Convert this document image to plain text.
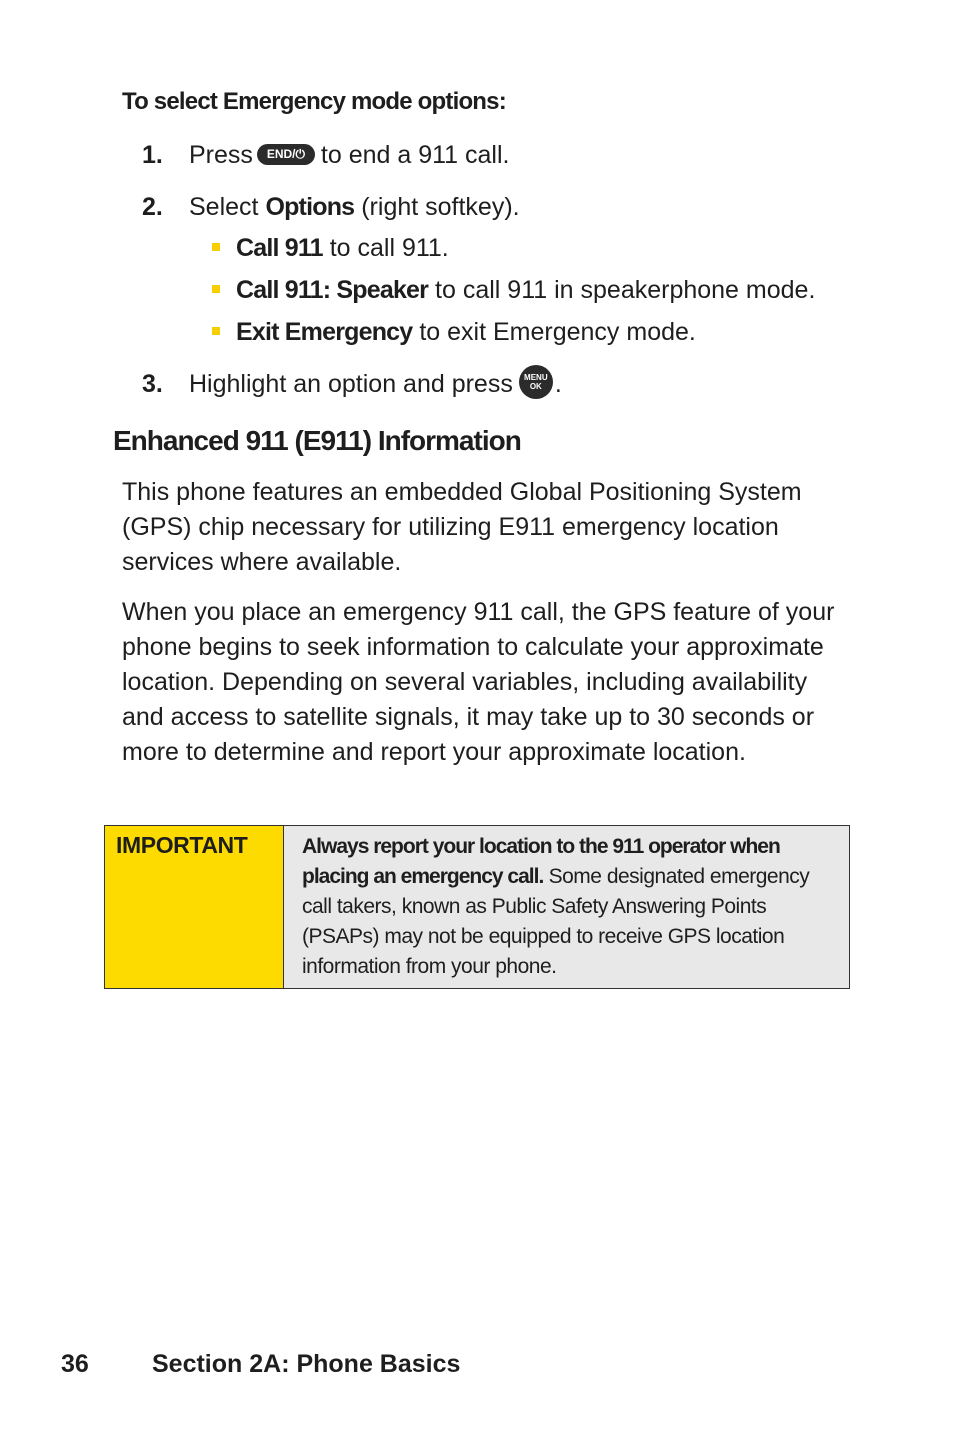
To select Emergency mode options:
1. Press END/⏻ to end a 911 call.
2. Select Options (right softkey).
Call 911 to call 911.
Call 911: Speaker to call 911 in speakerphone mode.
Exit Emergency to exit Emergency mode.
3. Highlight an option and press MENU
OK .
Enhanced 911 (E911) Information
This phone features an embedded Global Positioning System (GPS) chip necessary for utilizing E911 emergency location services where available.
When you place an emergency 911 call, the GPS feature of your phone begins to seek information to calculate your approximate location. Depending on several variables, including availability and access to satellite signals, it may take up to 30 seconds or more to determine and report your approximate location.
IMPORTANT	Always report your location to the 911 operator when placing an emergency call. Some designated emergency call takers, known as Public Safety Answering Points (PSAPs) may not be equipped to receive GPS location information from your phone.
36	Section 2A: Phone Basics
